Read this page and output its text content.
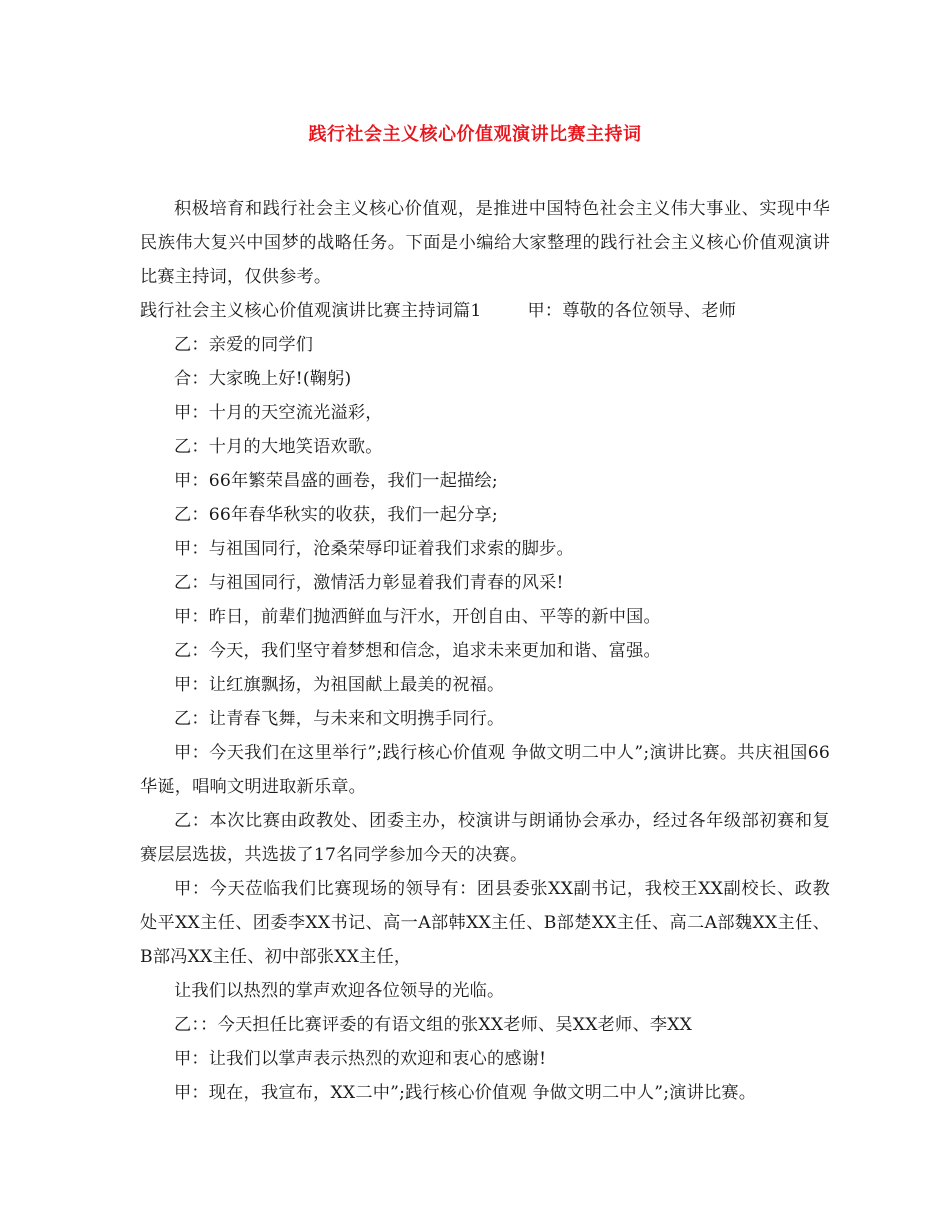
践行社会主义核心价值观演讲比赛主持词

积极培育和践行社会主义核心价值观，是推进中国特色社会主义伟大事业、实现中华民族伟大复兴中国梦的战略任务。下面是小编给大家整理的践行社会主义核心价值观演讲比赛主持词，仅供参考。

践行社会主义核心价值观演讲比赛主持词篇1	甲：尊敬的各位领导、老师

乙：亲爱的同学们

合：大家晚上好!(鞠躬)

甲：十月的天空流光溢彩，

乙：十月的大地笑语欢歌。

甲：66年繁荣昌盛的画卷，我们一起描绘;

乙：66年春华秋实的收获，我们一起分享;

甲：与祖国同行，沧桑荣辱印证着我们求索的脚步。

乙：与祖国同行，激情活力彰显着我们青春的风采!

甲：昨日，前辈们抛洒鲜血与汗水，开创自由、平等的新中国。

乙：今天，我们坚守着梦想和信念，追求未来更加和谐、富强。

甲：让红旗飘扬，为祖国献上最美的祝福。

乙：让青春飞舞，与未来和文明携手同行。

甲：今天我们在这里举行”;践行核心价值观 争做文明二中人”;演讲比赛。共庆祖国66华诞，唱响文明进取新乐章。

乙：本次比赛由政教处、团委主办，校演讲与朗诵协会承办，经过各年级部初赛和复赛层层选拔，共选拔了17名同学参加今天的决赛。

甲：今天莅临我们比赛现场的领导有：团县委张XX副书记，我校王XX副校长、政教处平XX主任、团委李XX书记、高一A部韩XX主任、B部楚XX主任、高二A部魏XX主任、B部冯XX主任、初中部张XX主任，

让我们以热烈的掌声欢迎各位领导的光临。

乙：：今天担任比赛评委的有语文组的张XX老师、吴XX老师、李XX

甲：让我们以掌声表示热烈的欢迎和衷心的感谢!

甲：现在，我宣布，XX二中”;践行核心价值观 争做文明二中人”;演讲比赛。
